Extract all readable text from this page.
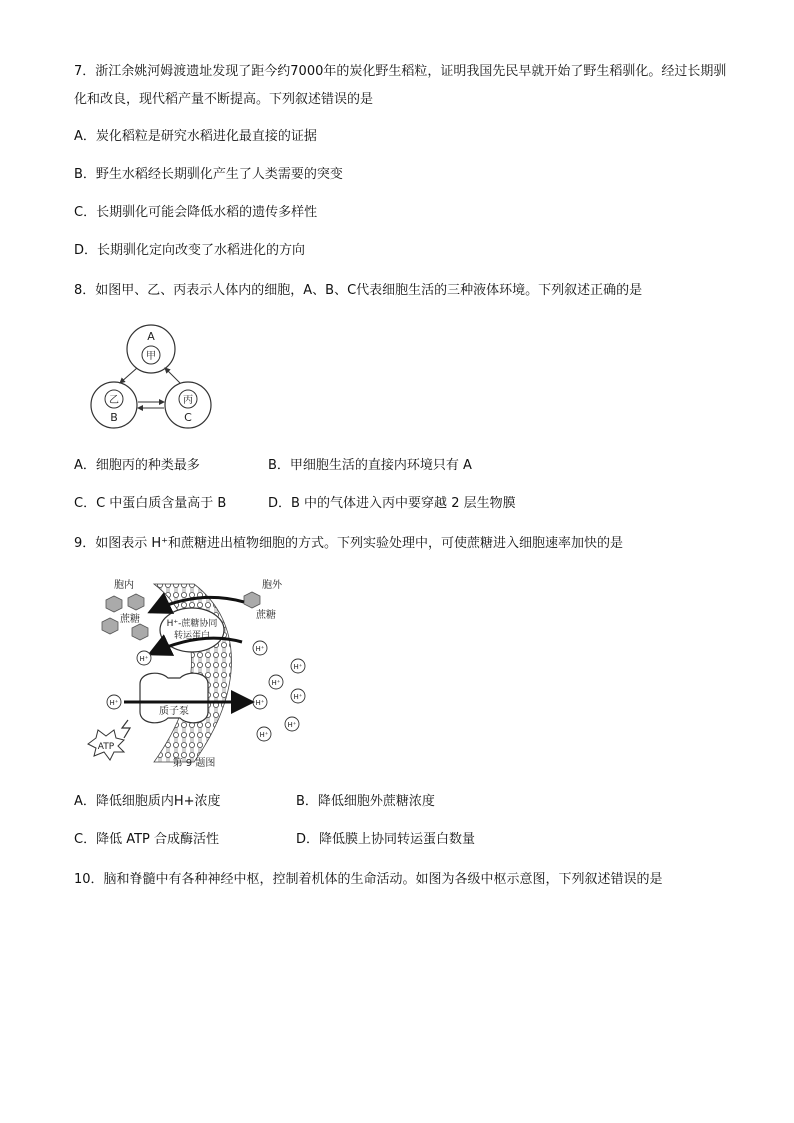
7．浙江余姚河姆渡遗址发现了距今约7000年的炭化野生稻粒，证明我国先民早就开始了野生稻驯化。经过长期驯化和改良，现代稻产量不断提高。下列叙述错误的是
A．炭化稻粒是研究水稻进化最直接的证据
B．野生水稻经长期驯化产生了人类需要的突变
C．长期驯化可能会降低水稻的遗传多样性
D．长期驯化定向改变了水稻进化的方向
8．如图甲、乙、丙表示人体内的细胞，A、B、C代表细胞生活的三种液体环境。下列叙述正确的是
A
甲
乙
B
丙
C
A．细胞丙的种类最多	B．甲细胞生活的直接内环境只有 A
C．C 中蛋白质含量高于 B	D．B 中的气体进入丙中要穿越 2 层生物膜
9．如图表示 H⁺和蔗糖进出植物细胞的方式。下列实验处理中，可使蔗糖进入细胞速率加快的是
胞内	胞外
蔗糖	蔗糖
H⁺-蔗糖协同
转运蛋白
H⁺
H⁺
H⁺
H⁺
H⁺
H⁺
H⁺
H⁺
H⁺
质子泵
ATP
第 9 题图
A．降低细胞质内H+浓度	B．降低细胞外蔗糖浓度
C．降低 ATP 合成酶活性	D．降低膜上协同转运蛋白数量
10．脑和脊髓中有各种神经中枢，控制着机体的生命活动。如图为各级中枢示意图，下列叙述错误的是
